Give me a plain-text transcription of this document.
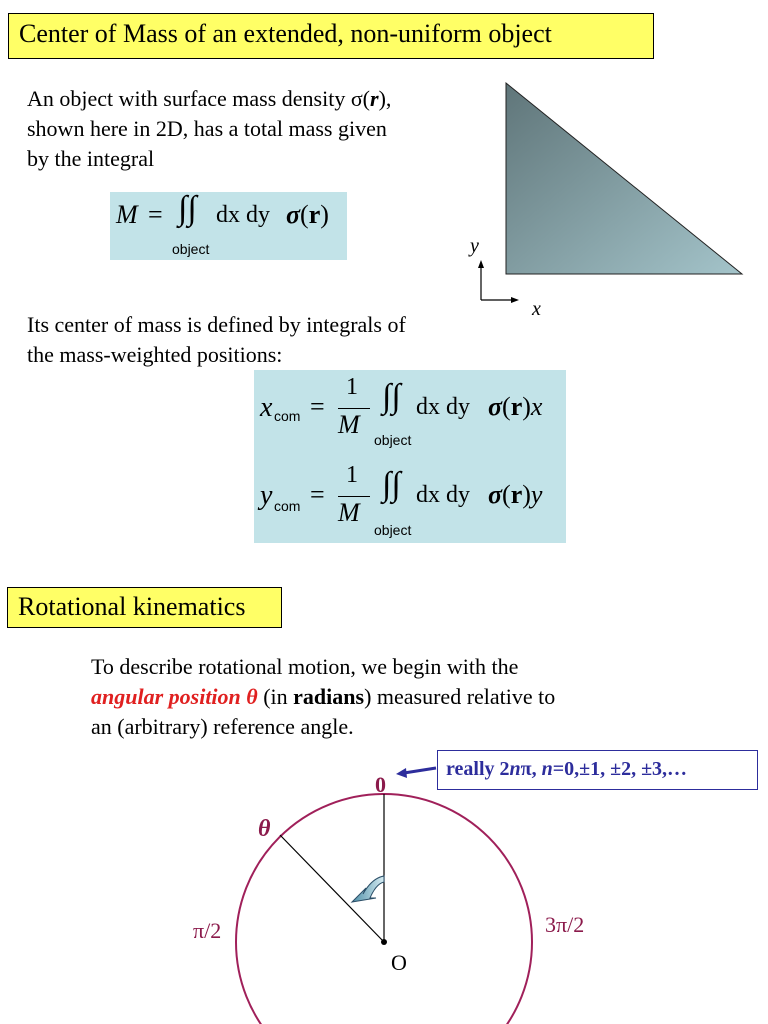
Center of Mass of an extended, non-uniform object
An object with surface mass density σ(r),
shown here in 2D, has a total mass given
by the integral
M = ∫∫
object
dx dy σ(r)
y
x
Its center of mass is defined by integrals of
the mass-weighted positions:
x com =
1
M
∫∫
object
dx dy σ(r)x
y com =
1
M
∫∫
object
dx dy σ(r)y
Rotational kinematics
To describe rotational motion, we begin with the
angular position θ (in radians) measured relative to
an (arbitrary) reference angle.
0
θ
π/2	3π/2
O
really 2nπ, n=0,±1, ±2, ±3,…
